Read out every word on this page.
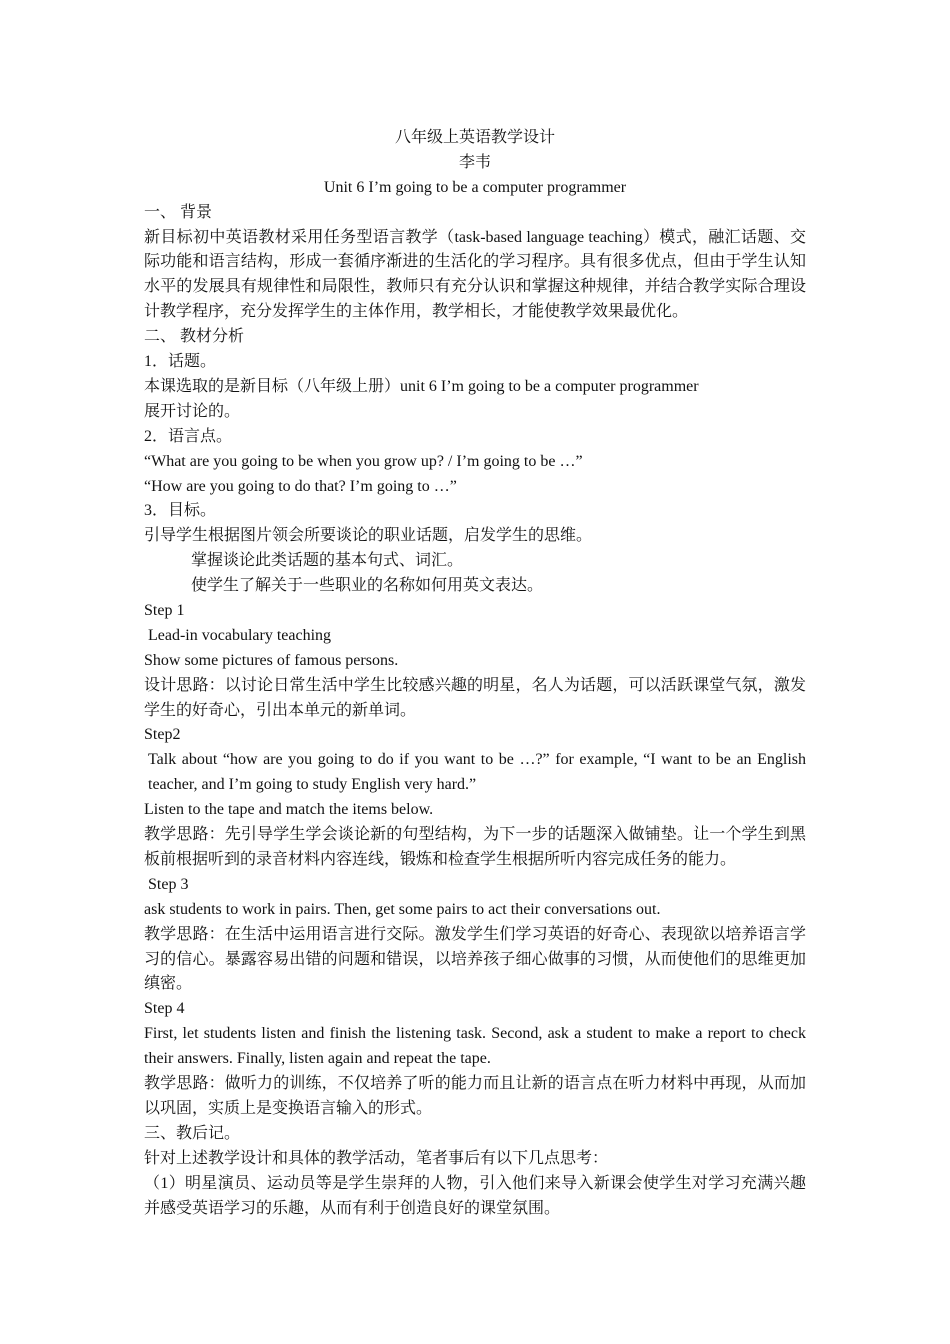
八年级上英语教学设计
李韦
Unit 6 I’m going to be a computer programmer
一、 背景
新目标初中英语教材采用任务型语言教学（task-based language teaching）模式，融汇话题、交际功能和语言结构，形成一套循序渐进的生活化的学习程序。具有很多优点，但由于学生认知水平的发展具有规律性和局限性，教师只有充分认识和掌握这种规律，并结合教学实际合理设计教学程序，充分发挥学生的主体作用，教学相长，才能使教学效果最优化。
二、 教材分析
1．话题。
本课选取的是新目标（八年级上册）unit 6 I’m going to be a computer programmer
展开讨论的。
2．语言点。
“What are you going to be when you grow up? / I’m going to be …”
“How are you going to do that? I’m going to …”
3．目标。
引导学生根据图片领会所要谈论的职业话题，启发学生的思维。
掌握谈论此类话题的基本句式、词汇。
使学生了解关于一些职业的名称如何用英文表达。
Step 1
Lead-in vocabulary teaching
Show some pictures of famous persons.
设计思路：以讨论日常生活中学生比较感兴趣的明星，名人为话题，可以活跃课堂气氛，激发学生的好奇心，引出本单元的新单词。
Step2
Talk about “how are you going to do if you want to be …?” for example, “I want to be an English teacher, and I’m going to study English very hard.”
Listen to the tape and match the items below.
教学思路：先引导学生学会谈论新的句型结构，为下一步的话题深入做铺垫。让一个学生到黑板前根据听到的录音材料内容连线，锻炼和检查学生根据所听内容完成任务的能力。
Step 3
ask students to work in pairs. Then, get some pairs to act their conversations out.
教学思路：在生活中运用语言进行交际。激发学生们学习英语的好奇心、表现欲以培养语言学习的信心。暴露容易出错的问题和错误，以培养孩子细心做事的习惯，从而使他们的思维更加缜密。
Step 4
First, let students listen and finish the listening task. Second, ask a student to make a report to check their answers. Finally, listen again and repeat the tape.
教学思路：做听力的训练，不仅培养了听的能力而且让新的语言点在听力材料中再现，从而加以巩固，实质上是变换语言输入的形式。
三、教后记。
针对上述教学设计和具体的教学活动，笔者事后有以下几点思考：
（1）明星演员、运动员等是学生崇拜的人物，引入他们来导入新课会使学生对学习充满兴趣并感受英语学习的乐趣，从而有利于创造良好的课堂氛围。
